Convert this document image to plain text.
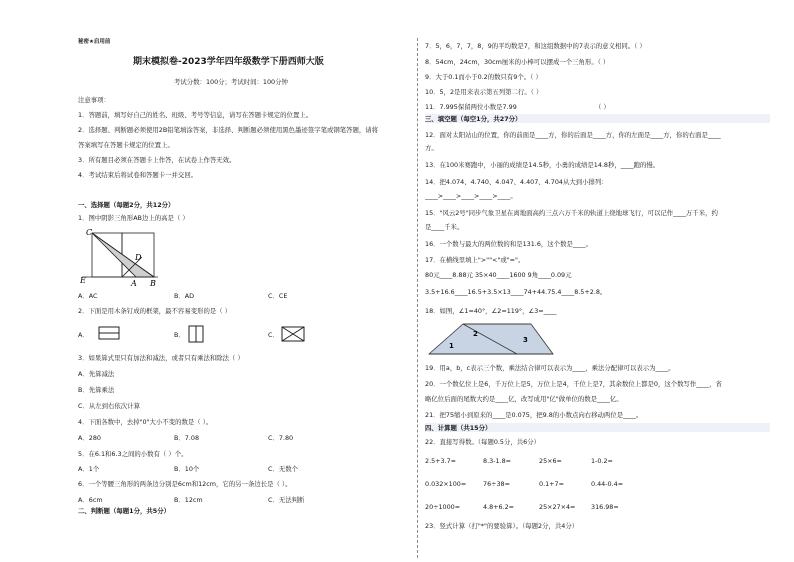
秘密★启用前
期末模拟卷-2023学年四年级数学下册西师大版
考试分数：100分；考试时间：100分钟
注意事项：
1．答题前，填写好自己的姓名、班级、考号等信息，请写在答题卡规定的位置上。
2．选择题、判断题必须使用2B铅笔填涂答案，非选择、判断题必须使用黑色墨迹签字笔或钢笔答题，请将
答案填写在答题卡规定的位置上。
3．所有题目必须在答题卡上作答，在试卷上作答无效。
4．考试结束后将试卷和答题卡一并交回。
一、选择题（每题2分，共12分）
1．图中阴影三角形AB边上的高是（ ）
C
D
E	A B
A．AC	B．AD	C．CE
2．下面是用木条钉成的框架，最不容易变形的是（ ）
A．	B．	C．
3．如果算式里只有加法和减法，或者只有乘法和除法（ ）
A．先算减法
B．先算乘法
C．从左到右依次计算
4．下面各数中，去掉"0"大小不变的数是（ ）。
A．280	B．7.08	C．7.80
5．在6.1和6.3之间的小数有（ ）个。
A．1个	B．10个	C．无数个
6．一个等腰三角形的两条边分别是6cm和12cm，它的另一条边长是（ ）。
A．6cm	B．12cm	C．无法判断
二、判断题（每题1分，共5分）
7．5，6，7，7，8，9的平均数是7，和这组数据中的7表示的意义相同。（ ）
8．54cm，24cm，30cm厘米的小棒可以摆成一个三角形。（ ）
9．大于0.1而小于0.2的数只有9个。（ ）
10．5，2是用来表示第五列第二行。（ ）
11．7.995保留两位小数是7.99	（ ）
三、填空题（每空1分，共27分）
12．面对太阳站山的位置，你的前面是____方，你的后面是____方，你的左面是____方，你的右面是____
方。
13．在100米赛跑中，小丽的成绩是14.5秒，小勇的成绩是14.8秒，____跑的慢。
14．把4.074、4.740、4.047、4.407、4.704从大到小排列：
____>____>____>____>____。
15．"风云2号"同步气象卫星在离地面高约三点六万千米的轨道上绕地球飞行，可以记作____万千米，约
是____千米。
16．一个数与最大的两位数的和是131.6，这个数是____。
17．在横线里填上">""<"或"="。
80元____8.88元 35×40____1600 9角____0.09元
3.5+16.6____16.5+3.5×13____74+44.75.4____8.5+2.8。
18．如图，∠1=40°，∠2=119°，∠3=____
1
2
3
19．用a，b，c表示三个数，乘法结合律可以表示为____，乘法分配律可以表示为____。
20．一个数亿位上是6，千万位上是5，万位上是4，千位上是7，其余数位上都是0，这个数写作____，省
略亿位后面的尾数大约是____亿，改写成用"亿"做单位的数是____亿。
21．把75缩小到原来的____是0.075，把9.8的小数点向右移动两位是____。
四、计算题（共15分）
22．直接写得数。（每题0.5分，共6分）
2.5+3.7=	8.3-1.8=	25×6=	1-0.2=
0.032×100=	76÷38=	0.1+7=	0.44-0.4=
20÷1000=	4.8+6.2=	25×27×4= 316.98=
23．竖式计算（打"*"的要验算）。（每题2分，共4分）
